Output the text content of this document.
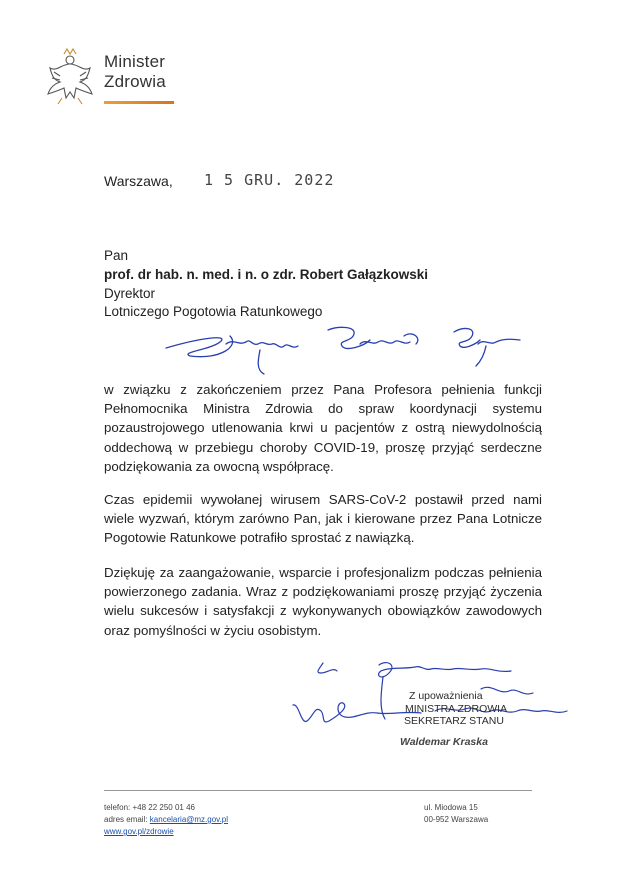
Minister
Zdrowia
Warszawa, 1 5 GRU. 2022
Pan
prof. dr hab. n. med. i n. o zdr. Robert Gałązkowski
Dyrektor
Lotniczego Pogotowia Ratunkowego

w związku z zakończeniem przez Pana Profesora pełnienia funkcji Pełnomocnika Ministra Zdrowia do spraw koordynacji systemu pozaustrojowego utlenowania krwi u pacjentów z ostrą niewydolnością oddechową w przebiegu choroby COVID-19, proszę przyjąć serdeczne podziękowania za owocną współpracę.

Czas epidemii wywołanej wirusem SARS-CoV-2 postawił przed nami wiele wyzwań, którym zarówno Pan, jak i kierowane przez Pana Lotnicze Pogotowie Ratunkowe potrafiło sprostać z nawiązką.

Dziękuję za zaangażowanie, wsparcie i profesjonalizm podczas pełnienia powierzonego zadania. Wraz z podziękowaniami proszę przyjąć życzenia wielu sukcesów i satysfakcji z wykonywanych obowiązków zawodowych oraz pomyślności w życiu osobistym.

Z upoważnienia
MINISTRA ZDROWIA
SEKRETARZ STANU
Waldemar Kraska
telefon: +48 22 250 01 46
adres email: kancelaria@mz.gov.pl
www.gov.pl/zdrowie
ul. Miodowa 15
00-952 Warszawa
